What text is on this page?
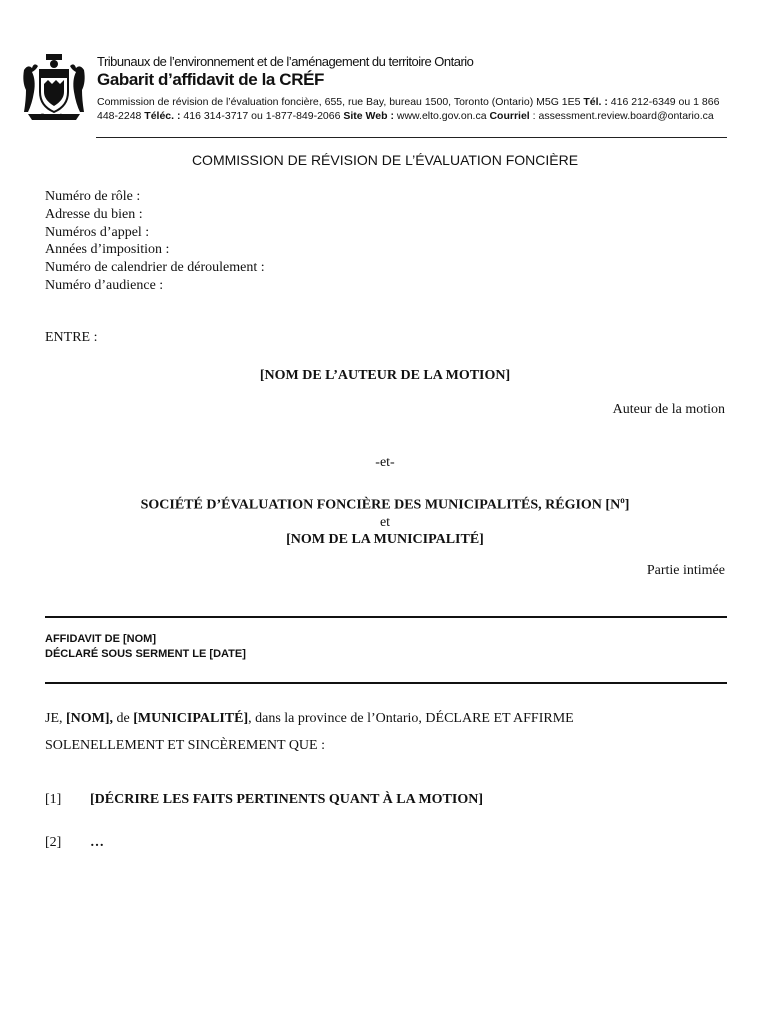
Ontario
Tribunaux de l’environnement et de l’aménagement du territoire Ontario
Gabarit d’affidavit de la CRÉF
Commission de révision de l’évaluation foncière, 655, rue Bay, bureau 1500, Toronto (Ontario) M5G 1E5 Tél. : 416 212-6349 ou 1 866 448-2248 Téléc. : 416 314-3717 ou 1-877-849-2066 Site Web : www.elto.gov.on.ca Courriel : assessment.review.board@ontario.ca
COMMISSION DE RÉVISION DE L’ÉVALUATION FONCIÈRE
Numéro de rôle :
Adresse du bien :
Numéros d’appel :
Années d’imposition :
Numéro de calendrier de déroulement :
Numéro d’audience :
ENTRE :
[NOM DE L’AUTEUR DE LA MOTION]
Auteur de la motion
-et-
SOCIÉTÉ D’ÉVALUATION FONCIÈRE DES MUNICIPALITÉS, RÉGION $[N^o]$
et
[NOM DE LA MUNICIPALITÉ]
Partie intimée
AFFIDAVIT DE [NOM]
DÉCLARÉ SOUS SERMENT LE [DATE]
JE, [NOM], de [MUNICIPALITÉ], dans la province de l’Ontario, DÉCLARE ET AFFIRME
SOLENELLEMENT ET SINCÈREMENT QUE :
[1] [DÉCRIRE LES FAITS PERTINENTS QUANT À LA MOTION]
[2] …
